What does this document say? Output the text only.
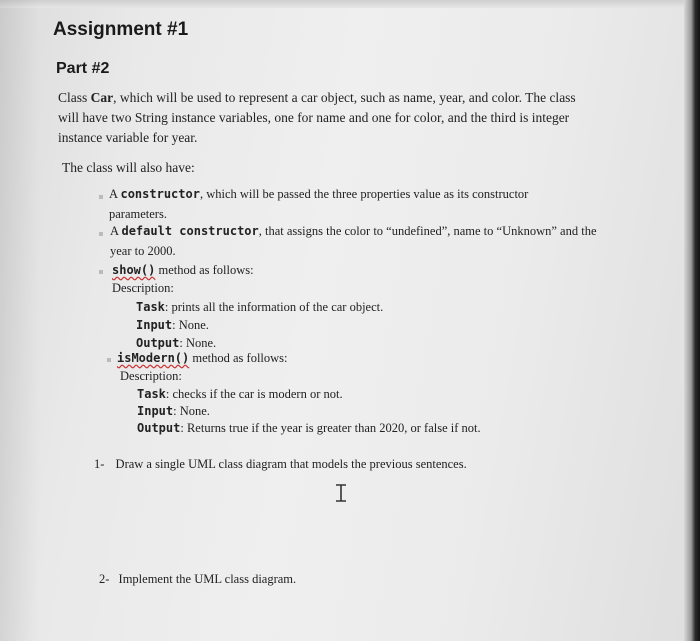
Assignment #1
Part #2
Class Car, which will be used to represent a car object, such as name, year, and color. The class
will have two String instance variables, one for name and one for color, and the third is integer
instance variable for year.
The class will also have:
A constructor, which will be passed the three properties value as its constructor
parameters.
A default constructor, that assigns the color to “undefined”, name to “Unknown” and the
year to 2000.
show() method as follows:
Description:
Task: prints all the information of the car object.
Input: None.
Output: None.
isModern() method as follows:
Description:
Task: checks if the car is modern or not.
Input: None.
Output: Returns true if the year is greater than 2020, or false if not.
1- Draw a single UML class diagram that models the previous sentences.
2- Implement the UML class diagram.
